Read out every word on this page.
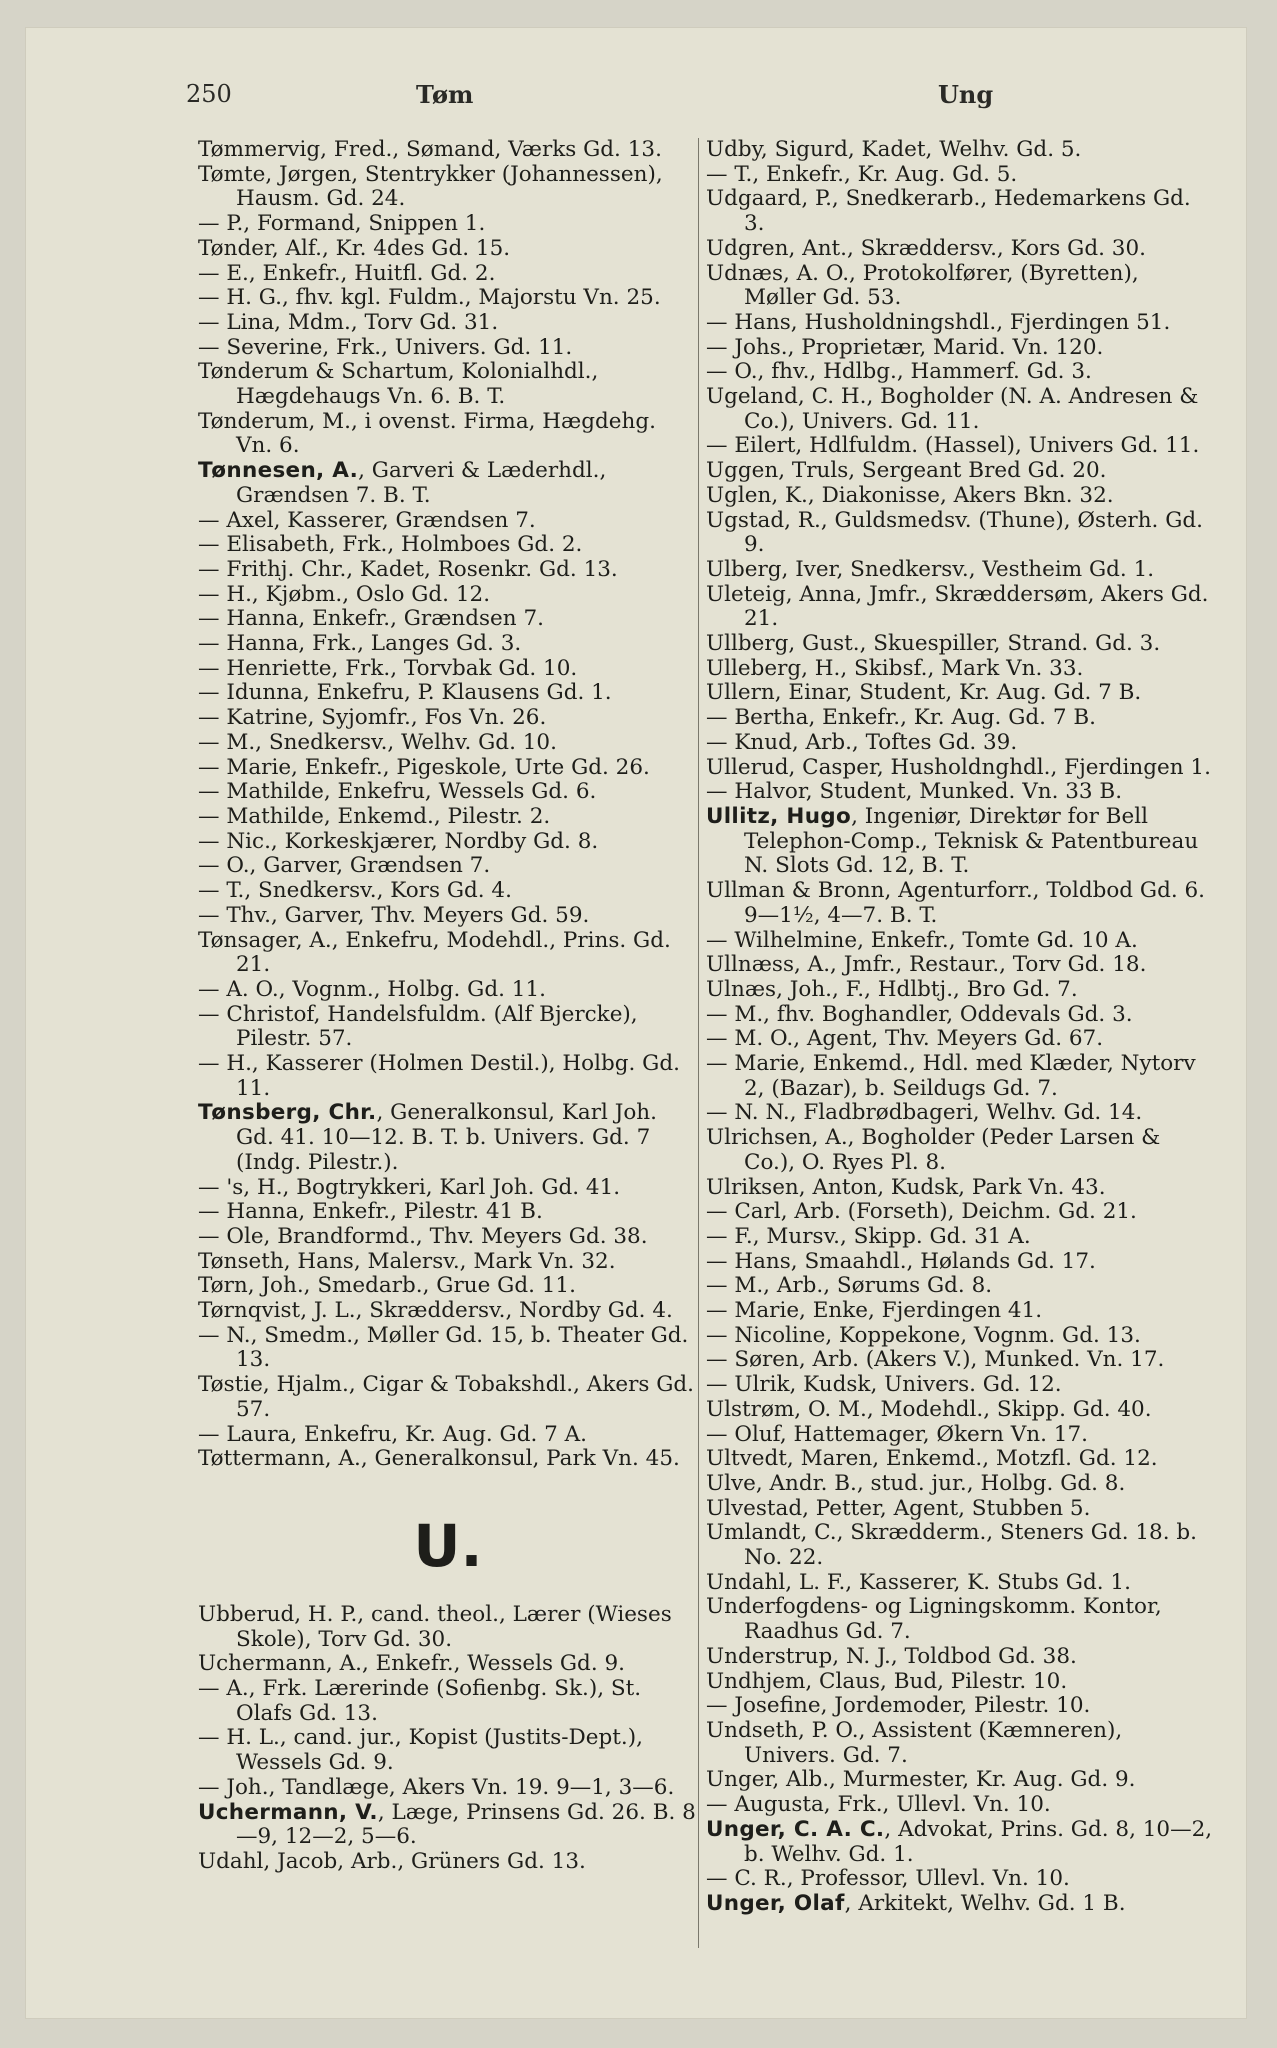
250	Tøm	Ung

Tømmervig, Fred., Sømand, Værks Gd. 13.

Tømte, Jørgen, Stentrykker (Johannessen), Hausm. Gd. 24.

— P., Formand, Snippen 1.

Tønder, Alf., Kr. 4des Gd. 15.

— E., Enkefr., Huitfl. Gd. 2.

— H. G., fhv. kgl. Fuldm., Majorstu Vn. 25.

— Lina, Mdm., Torv Gd. 31.

— Severine, Frk., Univers. Gd. 11.

Tønderum & Schartum, Kolonialhdl., Hægdehaugs Vn. 6. B. T.

Tønderum, M., i ovenst. Firma, Hægdehg. Vn. 6.

Tønnesen, A., Garveri & Læderhdl., Grændsen 7. B. T.

— Axel, Kasserer, Grændsen 7.

— Elisabeth, Frk., Holmboes Gd. 2.

— Frithj. Chr., Kadet, Rosenkr. Gd. 13.

— H., Kjøbm., Oslo Gd. 12.

— Hanna, Enkefr., Grændsen 7.

— Hanna, Frk., Langes Gd. 3.

— Henriette, Frk., Torvbak Gd. 10.

— Idunna, Enkefru, P. Klausens Gd. 1.

— Katrine, Syjomfr., Fos Vn. 26.

— M., Snedkersv., Welhv. Gd. 10.

— Marie, Enkefr., Pigeskole, Urte Gd. 26.

— Mathilde, Enkefru, Wessels Gd. 6.

— Mathilde, Enkemd., Pilestr. 2.

— Nic., Korkeskjærer, Nordby Gd. 8.

— O., Garver, Grændsen 7.

— T., Snedkersv., Kors Gd. 4.

— Thv., Garver, Thv. Meyers Gd. 59.

Tønsager, A., Enkefru, Modehdl., Prins. Gd. 21.

— A. O., Vognm., Holbg. Gd. 11.

— Christof, Handelsfuldm. (Alf Bjercke), Pilestr. 57.

— H., Kasserer (Holmen Destil.), Holbg. Gd. 11.

Tønsberg, Chr., Generalkonsul, Karl Joh. Gd. 41. 10—12. B. T. b. Univers. Gd. 7 (Indg. Pilestr.).

— 's, H., Bogtrykkeri, Karl Joh. Gd. 41.

— Hanna, Enkefr., Pilestr. 41 B.

— Ole, Brandformd., Thv. Meyers Gd. 38.

Tønseth, Hans, Malersv., Mark Vn. 32.

Tørn, Joh., Smedarb., Grue Gd. 11.

Tørnqvist, J. L., Skræddersv., Nordby Gd. 4.

— N., Smedm., Møller Gd. 15, b. Theater Gd. 13.

Tøstie, Hjalm., Cigar & Tobakshdl., Akers Gd. 57.

— Laura, Enkefru, Kr. Aug. Gd. 7 A.

Tøttermann, A., Generalkonsul, Park Vn. 45.

U.

Ubberud, H. P., cand. theol., Lærer (Wieses Skole), Torv Gd. 30.

Uchermann, A., Enkefr., Wessels Gd. 9.

— A., Frk. Lærerinde (Sofienbg. Sk.), St. Olafs Gd. 13.

— H. L., cand. jur., Kopist (Justits-Dept.), Wessels Gd. 9.

— Joh., Tandlæge, Akers Vn. 19. 9—1, 3—6.

Uchermann, V., Læge, Prinsens Gd. 26. B. 8—9, 12—2, 5—6.

Udahl, Jacob, Arb., Grüners Gd. 13.

Udby, Sigurd, Kadet, Welhv. Gd. 5.

— T., Enkefr., Kr. Aug. Gd. 5.

Udgaard, P., Snedkerarb., Hedemarkens Gd. 3.

Udgren, Ant., Skræddersv., Kors Gd. 30.

Udnæs, A. O., Protokolfører, (Byretten), Møller Gd. 53.

— Hans, Husholdningshdl., Fjerdingen 51.

— Johs., Proprietær, Marid. Vn. 120.

— O., fhv., Hdlbg., Hammerf. Gd. 3.

Ugeland, C. H., Bogholder (N. A. Andresen & Co.), Univers. Gd. 11.

— Eilert, Hdlfuldm. (Hassel), Univers Gd. 11.

Uggen, Truls, Sergeant Bred Gd. 20.

Uglen, K., Diakonisse, Akers Bkn. 32.

Ugstad, R., Guldsmedsv. (Thune), Østerh. Gd. 9.

Ulberg, Iver, Snedkersv., Vestheim Gd. 1.

Uleteig, Anna, Jmfr., Skræddersøm, Akers Gd. 21.

Ullberg, Gust., Skuespiller, Strand. Gd. 3.

Ulleberg, H., Skibsf., Mark Vn. 33.

Ullern, Einar, Student, Kr. Aug. Gd. 7 B.

— Bertha, Enkefr., Kr. Aug. Gd. 7 B.

— Knud, Arb., Toftes Gd. 39.

Ullerud, Casper, Husholdnghdl., Fjerdingen 1.

— Halvor, Student, Munked. Vn. 33 B.

Ullitz, Hugo, Ingeniør, Direktør for Bell Telephon-Comp., Teknisk & Patentbureau N. Slots Gd. 12, B. T.

Ullman & Bronn, Agenturforr., Toldbod Gd. 6. 9—1½, 4—7. B. T.

— Wilhelmine, Enkefr., Tomte Gd. 10 A.

Ullnæss, A., Jmfr., Restaur., Torv Gd. 18.

Ulnæs, Joh., F., Hdlbtj., Bro Gd. 7.

— M., fhv. Boghandler, Oddevals Gd. 3.

— M. O., Agent, Thv. Meyers Gd. 67.

— Marie, Enkemd., Hdl. med Klæder, Nytorv 2, (Bazar), b. Seildugs Gd. 7.

— N. N., Fladbrødbageri, Welhv. Gd. 14.

Ulrichsen, A., Bogholder (Peder Larsen & Co.), O. Ryes Pl. 8.

Ulriksen, Anton, Kudsk, Park Vn. 43.

— Carl, Arb. (Forseth), Deichm. Gd. 21.

— F., Mursv., Skipp. Gd. 31 A.

— Hans, Smaahdl., Hølands Gd. 17.

— M., Arb., Sørums Gd. 8.

— Marie, Enke, Fjerdingen 41.

— Nicoline, Koppekone, Vognm. Gd. 13.

— Søren, Arb. (Akers V.), Munked. Vn. 17.

— Ulrik, Kudsk, Univers. Gd. 12.

Ulstrøm, O. M., Modehdl., Skipp. Gd. 40.

— Oluf, Hattemager, Økern Vn. 17.

Ultvedt, Maren, Enkemd., Motzfl. Gd. 12.

Ulve, Andr. B., stud. jur., Holbg. Gd. 8.

Ulvestad, Petter, Agent, Stubben 5.

Umlandt, C., Skrædderm., Steners Gd. 18. b. No. 22.

Undahl, L. F., Kasserer, K. Stubs Gd. 1.

Underfogdens- og Ligningskomm. Kontor, Raadhus Gd. 7.

Understrup, N. J., Toldbod Gd. 38.

Undhjem, Claus, Bud, Pilestr. 10.

— Josefine, Jordemoder, Pilestr. 10.

Undseth, P. O., Assistent (Kæmneren), Univers. Gd. 7.

Unger, Alb., Murmester, Kr. Aug. Gd. 9.

— Augusta, Frk., Ullevl. Vn. 10.

Unger, C. A. C., Advokat, Prins. Gd. 8, 10—2, b. Welhv. Gd. 1.

— C. R., Professor, Ullevl. Vn. 10.

Unger, Olaf, Arkitekt, Welhv. Gd. 1 B.
